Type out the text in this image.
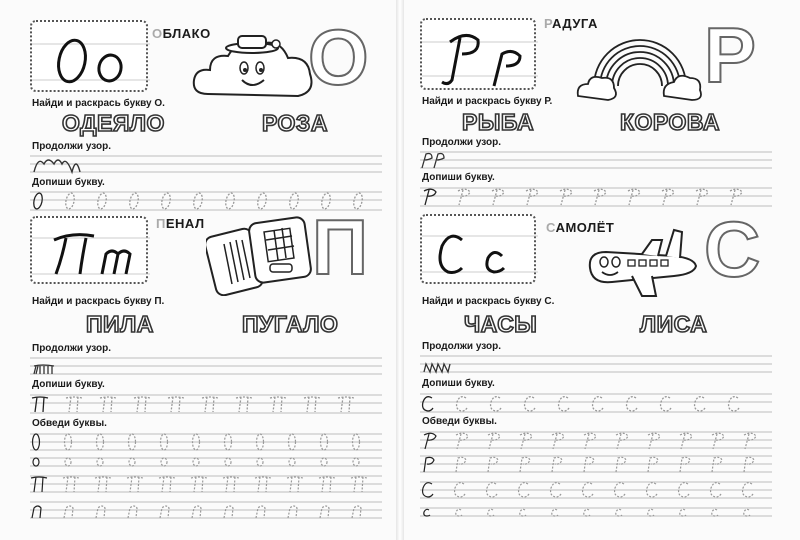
ОБЛАКО O
Найди и раскрась букву О.
ОДЕЯЛО	РОЗА
Продолжи узор.
Допиши букву.
ПЕНАЛ П
Найди и раскрась букву П.
ПИЛА	ПУГАЛО
Продолжи узор.
Допиши букву.
Обведи буквы.
РАДУГА P
Найди и раскрась букву Р.
РЫБА	КОРОВА
Продолжи узор.
Допиши букву.
САМОЛЁТ C
Найди и раскрась букву С.
ЧАСЫ	ЛИСА
Продолжи узор.
Допиши букву.
Обведи буквы.
